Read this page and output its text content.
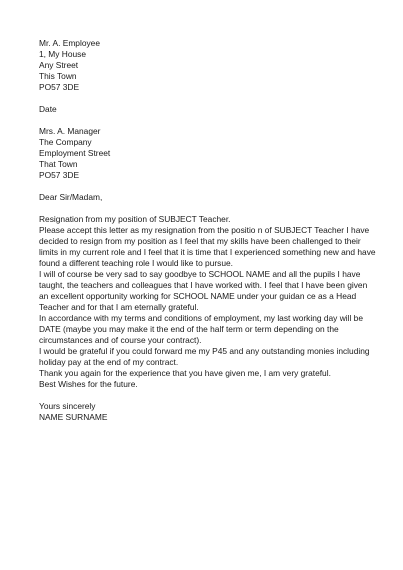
Mr. A. Employee
1, My House
Any Street
This Town
PO57 3DE
Date
Mrs. A. Manager
The Company
Employment Street
That Town
PO57 3DE
Dear Sir/Madam,
Resignation from my position of SUBJECT Teacher.
Please accept this letter as my resignation from the positio n of SUBJECT Teacher I have
decided to resign from my position as I feel that my skills have been challenged to their
limits in my current role and I feel that it is time that I experienced something new and have
found a different teaching role I would like to pursue.
I will of course be very sad to say goodbye to SCHOOL NAME and all the pupils I have
taught, the teachers and colleagues that I have worked with. I feel that I have been given
an excellent opportunity working for SCHOOL NAME under your guidan ce as a Head
Teacher and for that I am eternally grateful.
In accordance with my terms and conditions of employment, my last working day will be
DATE (maybe you may make it the end of the half term or term depending on the
circumstances and of course your contract).
I would be grateful if you could forward me my P45 and any outstanding monies including
holiday pay at the end of my contract.
Thank you again for the experience that you have given me, I am very grateful.
Best Wishes for the future.
Yours sincerely
NAME SURNAME
